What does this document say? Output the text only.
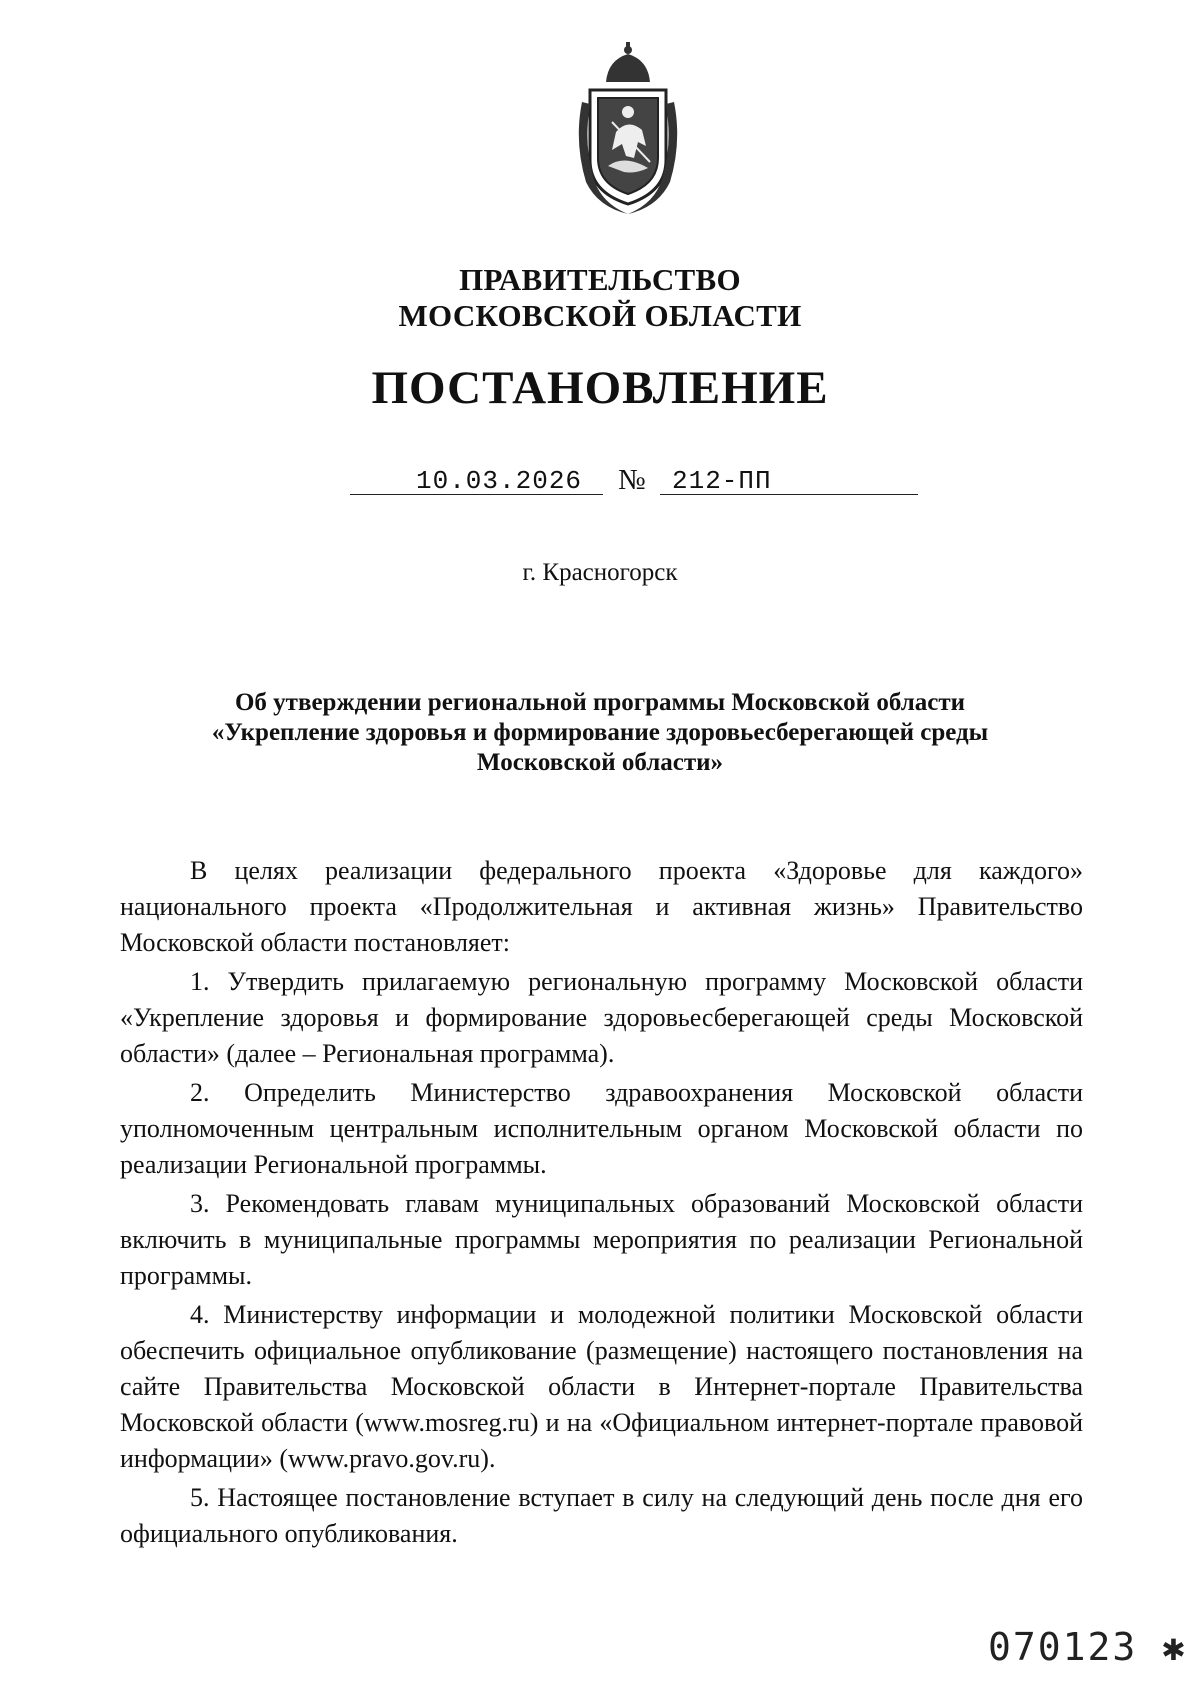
ПРАВИТЕЛЬСТВО
МОСКОВСКОЙ ОБЛАСТИ
ПОСТАНОВЛЕНИЕ
10.03.2026 № 212-ПП
г. Красногорск
Об утверждении региональной программы Московской области
«Укрепление здоровья и формирование здоровьесберегающей среды
Московской области»

В целях реализации федерального проекта «Здоровье для каждого» национального проекта «Продолжительная и активная жизнь» Правительство Московской области постановляет:

1. Утвердить прилагаемую региональную программу Московской области «Укрепление здоровья и формирование здоровьесберегающей среды Московской области» (далее – Региональная программа).

2. Определить Министерство здравоохранения Московской области уполномоченным центральным исполнительным органом Московской области по реализации Региональной программы.

3. Рекомендовать главам муниципальных образований Московской области включить в муниципальные программы мероприятия по реализации Региональной программы.

4. Министерству информации и молодежной политики Московской области обеспечить официальное опубликование (размещение) настоящего постановления на сайте Правительства Московской области в Интернет-портале Правительства Московской области (www.mosreg.ru) и на «Официальном интернет-портале правовой информации» (www.pravo.gov.ru).

5. Настоящее постановление вступает в силу на следующий день после дня его официального опубликования.

070123 ✱
